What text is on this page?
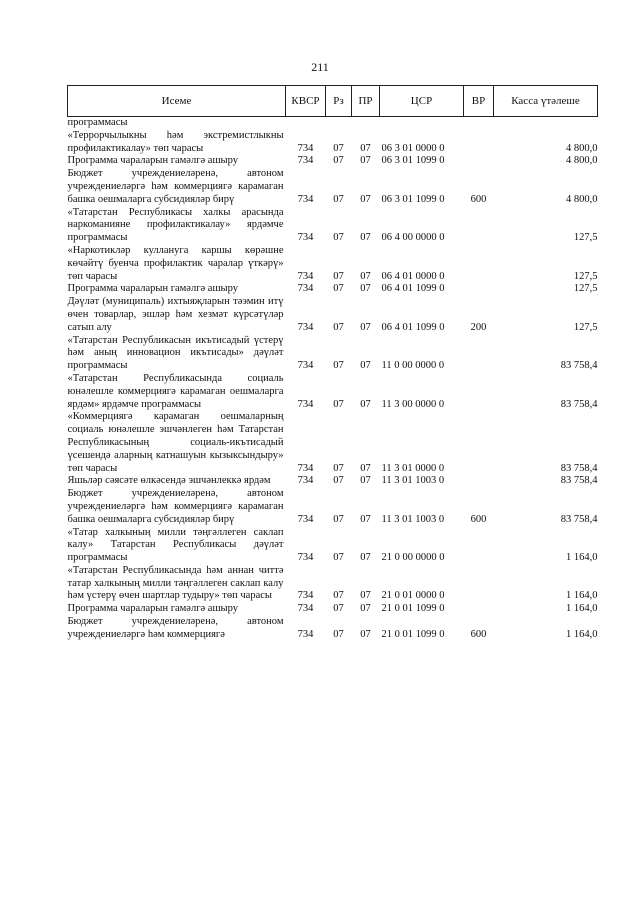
211
Исеме	КВСР	Рз	ПР	ЦСР	ВР	Касса үтәлеше
программасы						
«Террорчылыкны һәм экстремистлыкны профилактикалау» төп чарасы	734	07	07	06 3 01 0000 0		4 800,0
Программа чараларын гамәлгә ашыру	734	07	07	06 3 01 1099 0		4 800,0
Бюджет учреждениеләренә, автоном учреждениеләргә һәм коммерциягә карамаган башка оешмаларга субсидияләр бирү	734	07	07	06 3 01 1099 0	600	4 800,0
«Татарстан Республикасы халкы арасында наркоманияне профилактикалау» ярдәмче программасы	734	07	07	06 4 00 0000 0		127,5
«Наркотикләр куллануга каршы көрәшне көчәйтү буенча профилактик чаралар үткәрү» төп чарасы	734	07	07	06 4 01 0000 0		127,5
Программа чараларын гамәлгә ашыру	734	07	07	06 4 01 1099 0		127,5
Дәүләт (муниципаль) ихтыяҗларын тәэмин итү өчен товарлар, эшләр һәм хезмәт күрсәтүләр сатып алу	734	07	07	06 4 01 1099 0	200	127,5
«Татарстан Республикасын икътисадый үстерү һәм аның инновацион икътисады» дәүләт программасы	734	07	07	11 0 00 0000 0		83 758,4
«Татарстан Республикасында социаль юнәлешле коммерциягә карамаган оешмаларга ярдәм» ярдәмче программасы	734	07	07	11 3 00 0000 0		83 758,4
«Коммерциягә карамаган оешмаларның социаль юнәлешле эшчәнлеген һәм Татарстан Республикасының социаль-икътисадый үсешендә аларның катнашуын кызыксындыру» төп чарасы	734	07	07	11 3 01 0000 0		83 758,4
Яшьләр сәясәте өлкәсендә эшчәнлеккә ярдәм	734	07	07	11 3 01 1003 0		83 758,4
Бюджет учреждениеләренә, автоном учреждениеләргә һәм коммерциягә карамаган башка оешмаларга субсидияләр бирү	734	07	07	11 3 01 1003 0	600	83 758,4
«Татар халкының милли тәңгәллеген саклап калу» Татарстан Республикасы дәүләт программасы	734	07	07	21 0 00 0000 0		1 164,0
«Татарстан Республикасында һәм аннан читтә татар халкының милли тәңгәллеген саклап калу һәм үстерү өчен шартлар тудыру» төп чарасы	734	07	07	21 0 01 0000 0		1 164,0
Программа чараларын гамәлгә ашыру	734	07	07	21 0 01 1099 0		1 164,0
Бюджет учреждениеләренә, автоном учреждениеләргә һәм коммерциягә	734	07	07	21 0 01 1099 0	600	1 164,0
